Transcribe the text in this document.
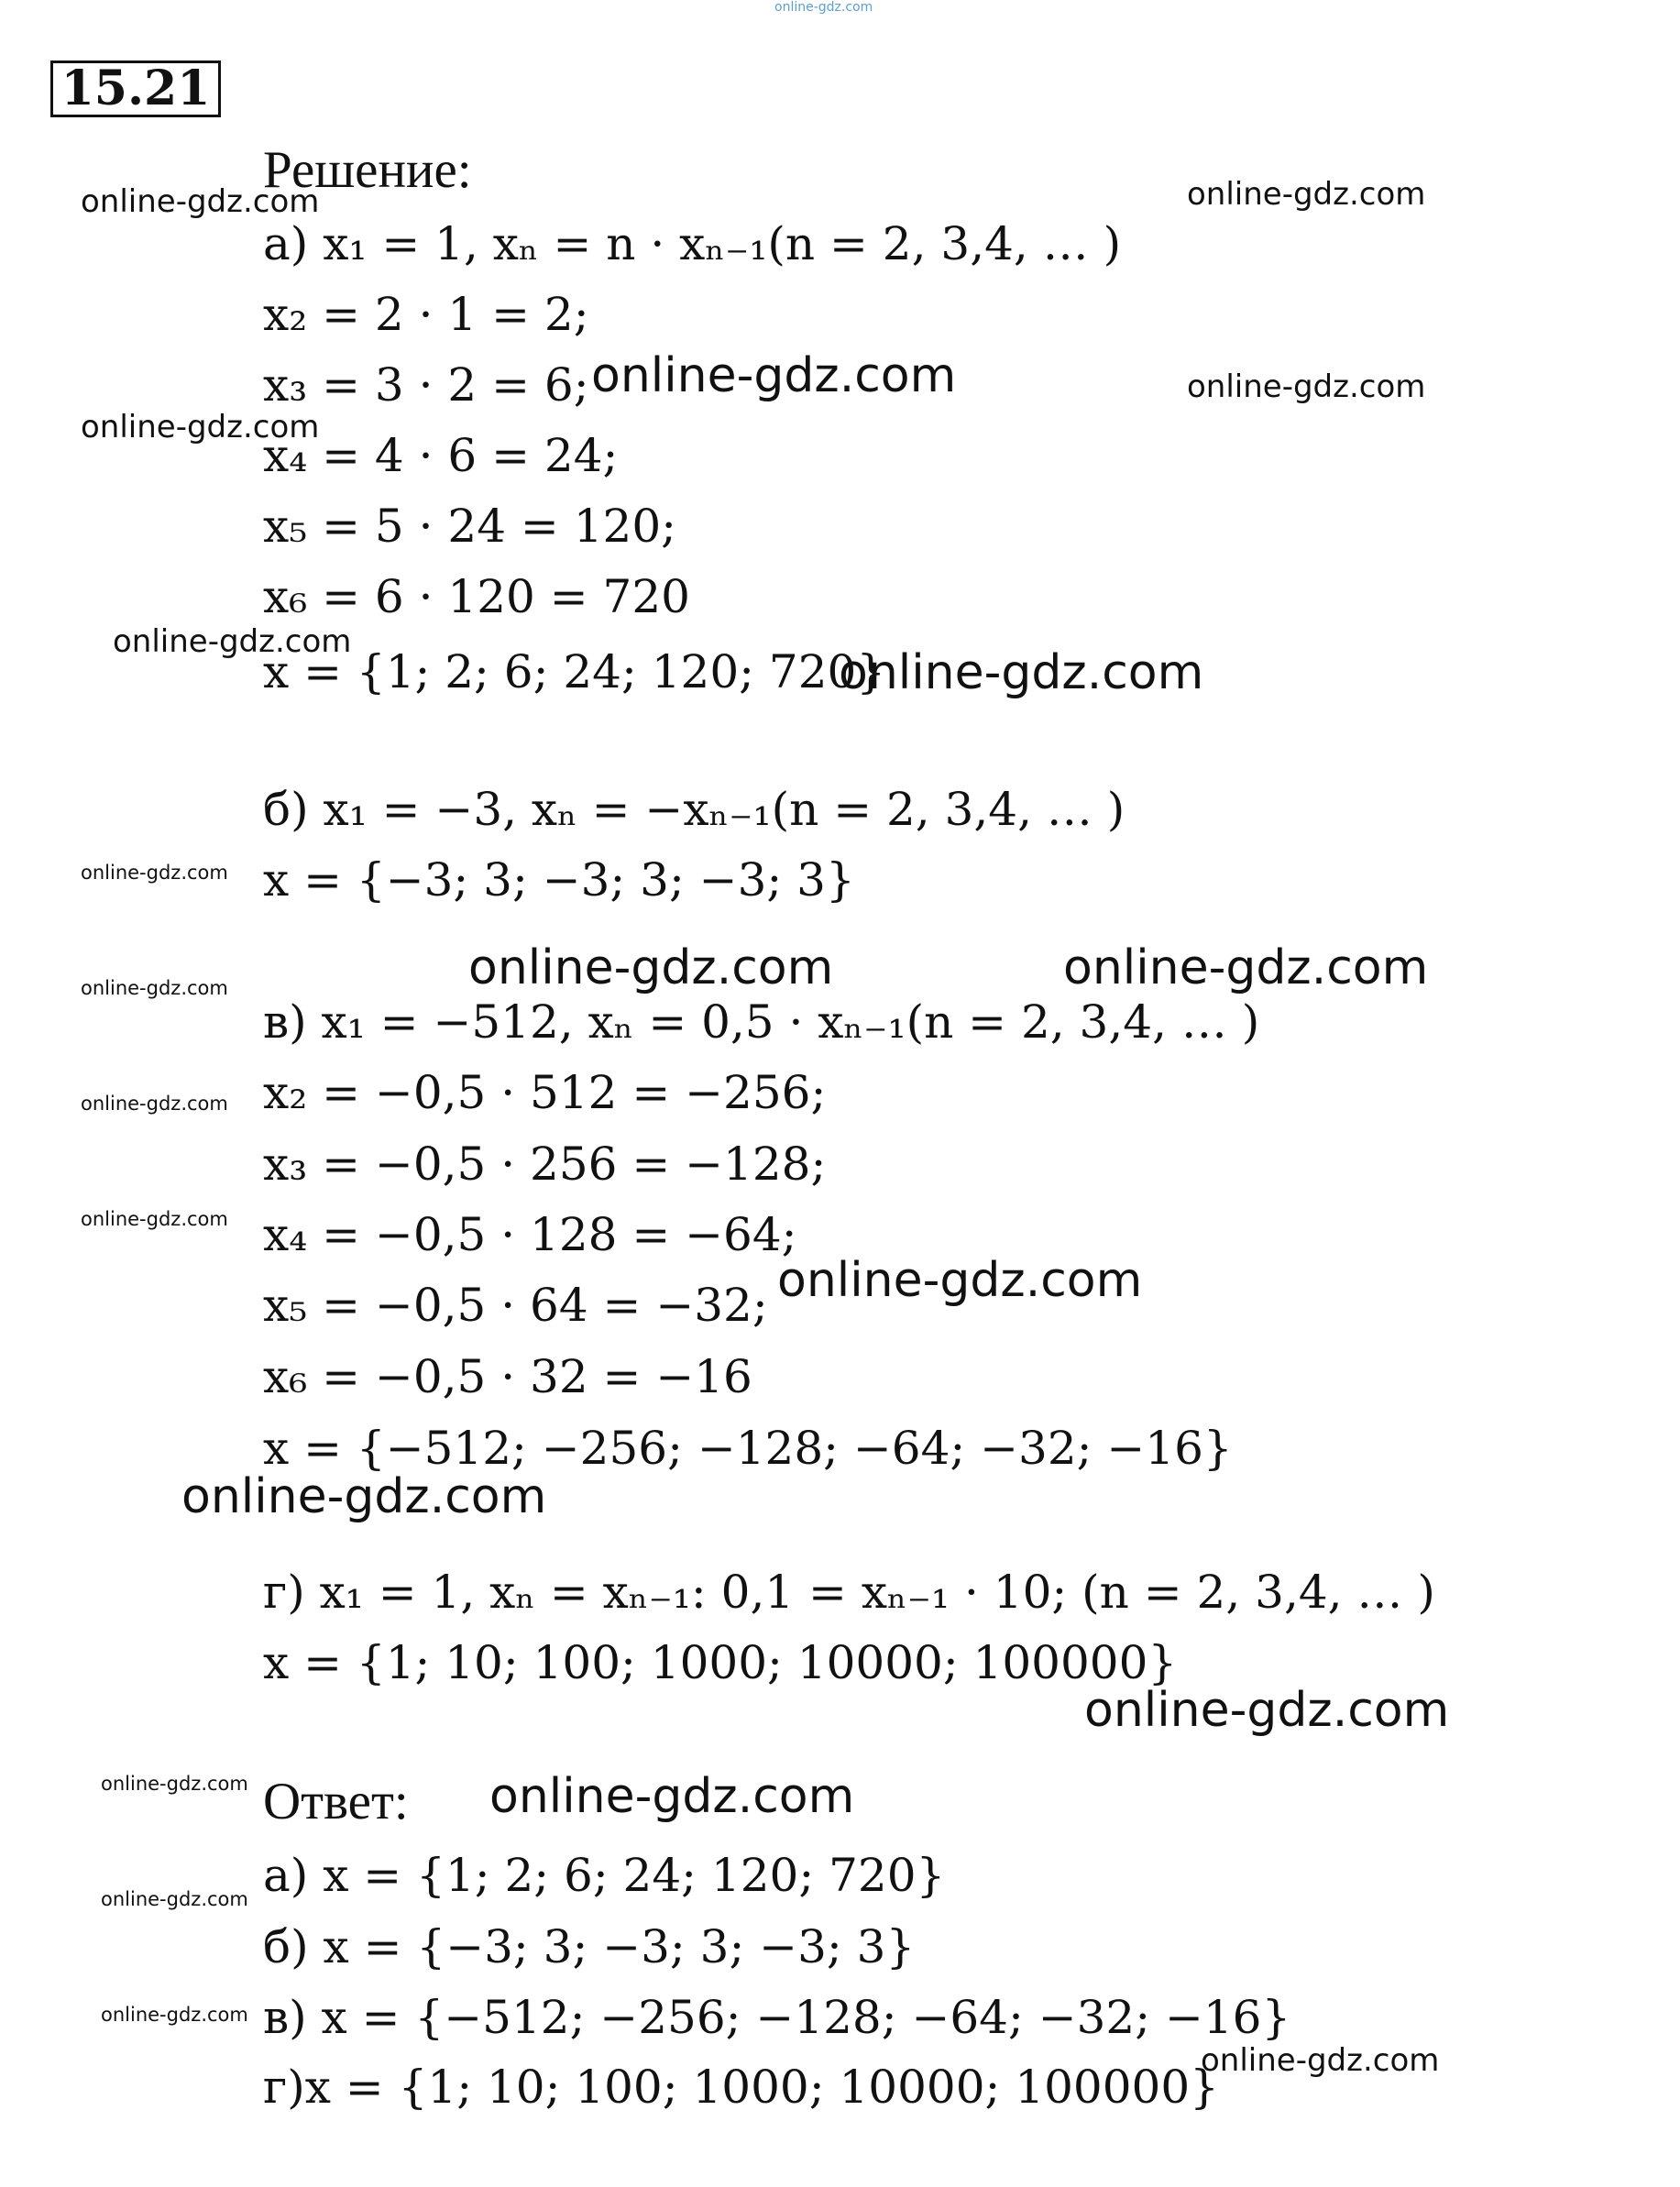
online-gdz.com
15.21
Решение:
а) x₁ = 1, xₙ = n · xₙ₋₁(n = 2, 3,4, … )
x₂ = 2 · 1 = 2;
x₃ = 3 · 2 = 6;
x₄ = 4 · 6 = 24;
x₅ = 5 · 24 = 120;
x₆ = 6 · 120 = 720
x = {1; 2; 6; 24; 120; 720}
б) x₁ = −3, xₙ = −xₙ₋₁(n = 2, 3,4, … )
x = {−3; 3; −3; 3; −3; 3}
в) x₁ = −512, xₙ = 0,5 · xₙ₋₁(n = 2, 3,4, … )
x₂ = −0,5 · 512 = −256;
x₃ = −0,5 · 256 = −128;
x₄ = −0,5 · 128 = −64;
x₅ = −0,5 · 64 = −32;
x₆ = −0,5 · 32 = −16
x = {−512; −256; −128; −64; −32; −16}
г) x₁ = 1, xₙ = xₙ₋₁: 0,1 = xₙ₋₁ · 10; (n = 2, 3,4, … )
x = {1; 10; 100; 1000; 10000; 100000}
Ответ:
а) x = {1; 2; 6; 24; 120; 720}
б) x = {−3; 3; −3; 3; −3; 3}
в) x = {−512; −256; −128; −64; −32; −16}
г)x = {1; 10; 100; 1000; 10000; 100000}
online-gdz.com	online-gdz.com
online-gdz.com	online-gdz.com
online-gdz.com
online-gdz.com
online-gdz.com
online-gdz.com
online-gdz.com	online-gdz.com
online-gdz.com
online-gdz.com
online-gdz.com
online-gdz.com
online-gdz.com
online-gdz.com
online-gdz.com	online-gdz.com
online-gdz.com
online-gdz.com
online-gdz.com
